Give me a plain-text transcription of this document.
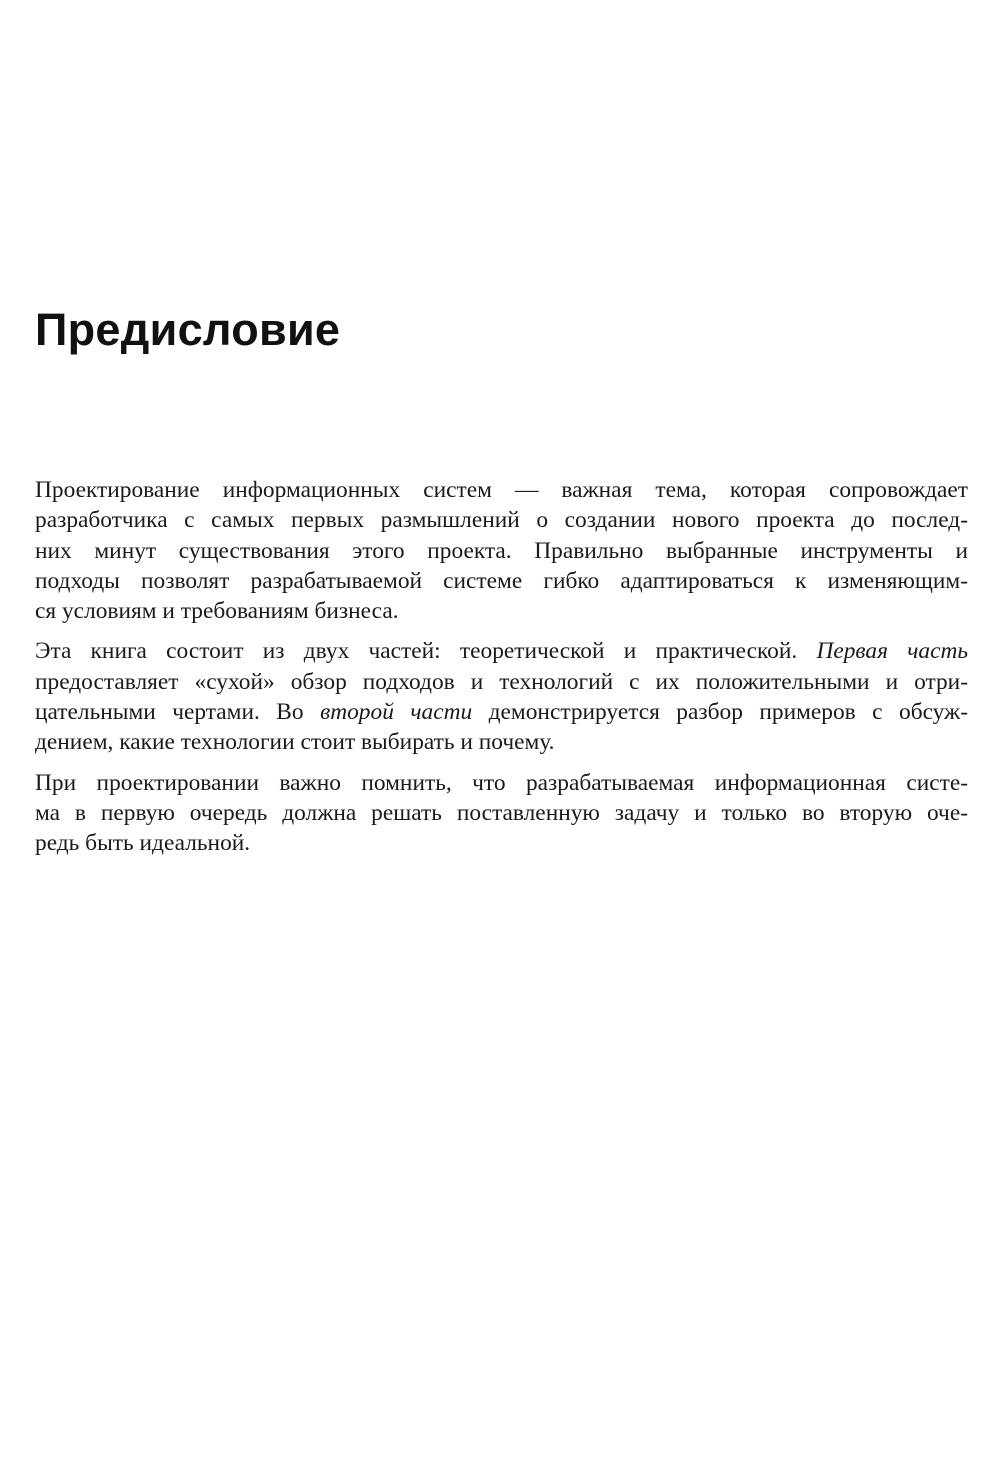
Предисловие

Проектирование информационных систем — важная тема, которая сопровождает
разработчика с самых первых размышлений о создании нового проекта до послед-
них минут существования этого проекта. Правильно выбранные инструменты и
подходы позволят разрабатываемой системе гибко адаптироваться к изменяющим-
ся условиям и требованиям бизнеса.

Эта книга состоит из двух частей: теоретической и практической. Первая часть
предоставляет «сухой» обзор подходов и технологий с их положительными и отри-
цательными чертами. Во второй части демонстрируется разбор примеров с обсуж-
дением, какие технологии стоит выбирать и почему.

При проектировании важно помнить, что разрабатываемая информационная систе-
ма в первую очередь должна решать поставленную задачу и только во вторую оче-
редь быть идеальной.
